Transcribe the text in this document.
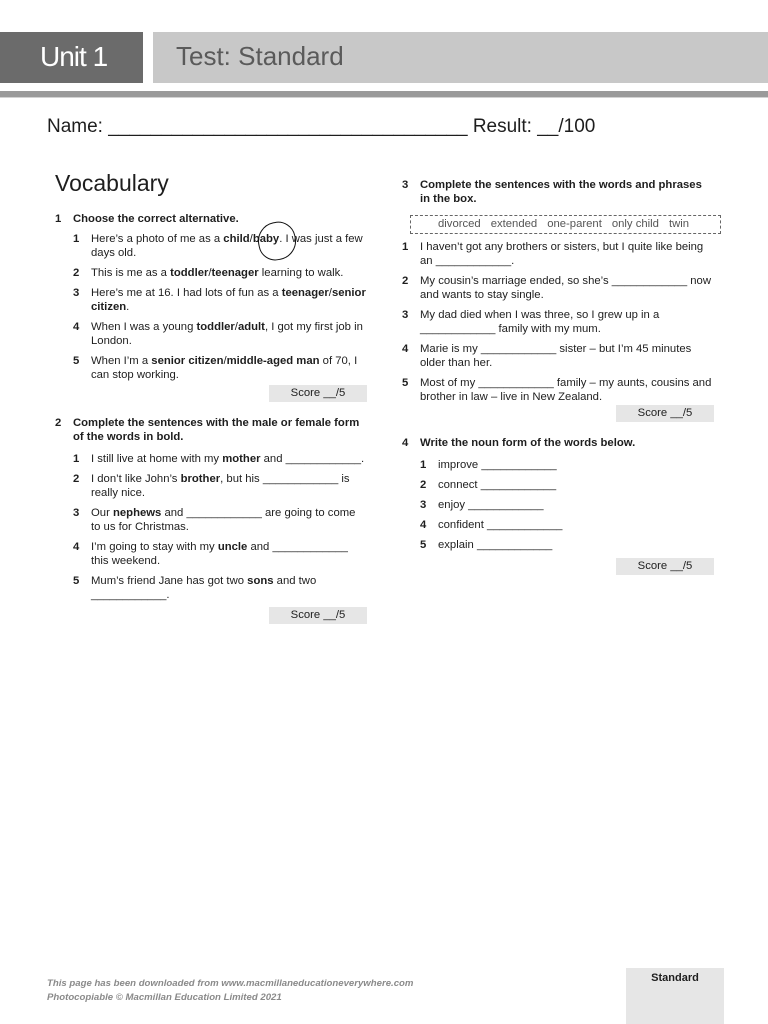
Unit 1	Test: Standard
Name: __________________________________ Result: __/100
Vocabulary
1	Choose the correct alternative.
1	Here’s a photo of me as a child/baby. I was just a few days old.
2	This is me as a toddler/teenager learning to walk.
3	Here’s me at 16. I had lots of fun as a teenager/senior citizen.
4	When I was a young toddler/adult, I got my first job in London.
5	When I’m a senior citizen/middle-aged man of 70, I can stop working.
Score __/5
2	Complete the sentences with the male or female form of the words in bold.
1	I still live at home with my mother and ____________.
2	I don’t like John’s brother, but his ____________ is really nice.
3	Our nephews and ____________ are going to come to us for Christmas.
4	I’m going to stay with my uncle and ____________ this weekend.
5	Mum’s friend Jane has got two sons and two ____________.
Score __/5
3	Complete the sentences with the words and phrases in the box.
divorced extended one-parent only child twin
1	I haven’t got any brothers or sisters, but I quite like being an ____________.
2	My cousin’s marriage ended, so she’s ____________ now and wants to stay single.
3	My dad died when I was three, so I grew up in a ____________ family with my mum.
4	Marie is my ____________ sister – but I’m 45 minutes older than her.
5	Most of my ____________ family – my aunts, cousins and brother in law – live in New Zealand.
Score __/5
4	Write the noun form of the words below.
1	improve ____________
2	connect ____________
3	enjoy ____________
4	confident ____________
5	explain ____________
Score __/5
This page has been downloaded from www.macmillaneducationeverywhere.com
Photocopiable © Macmillan Education Limited 2021
Standard
